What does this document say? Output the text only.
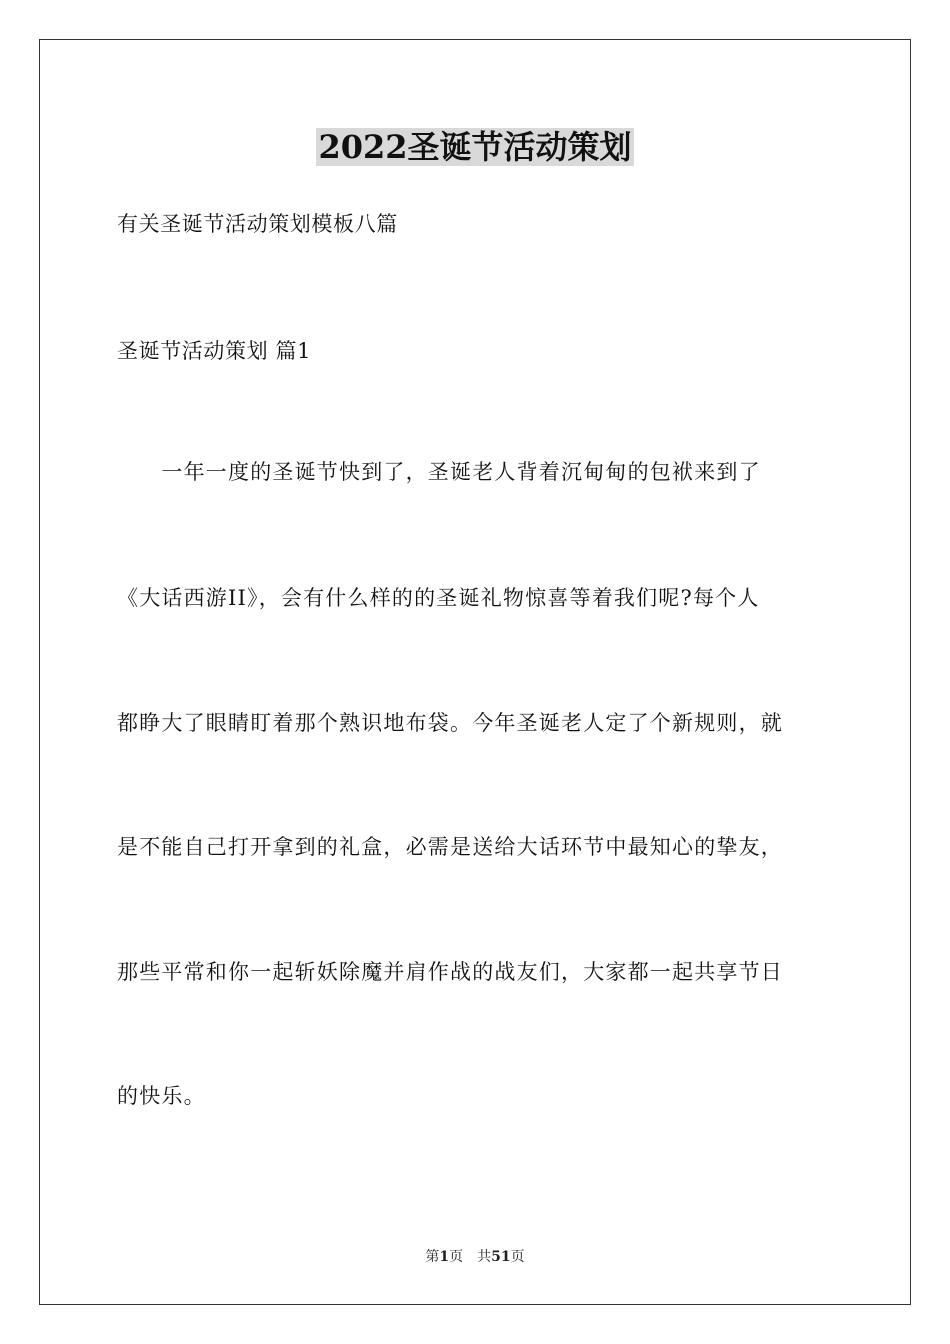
2022圣诞节活动策划
有关圣诞节活动策划模板八篇
圣诞节活动策划 篇1
　　一年一度的圣诞节快到了，圣诞老人背着沉甸甸的包袱来到了
《大话西游II》，会有什么样的的圣诞礼物惊喜等着我们呢?每个人
都睁大了眼睛盯着那个熟识地布袋。今年圣诞老人定了个新规则，就
是不能自己打开拿到的礼盒，必需是送给大话环节中最知心的挚友，
那些平常和你一起斩妖除魔并肩作战的战友们，大家都一起共享节日
的快乐。
第1页　共51页
